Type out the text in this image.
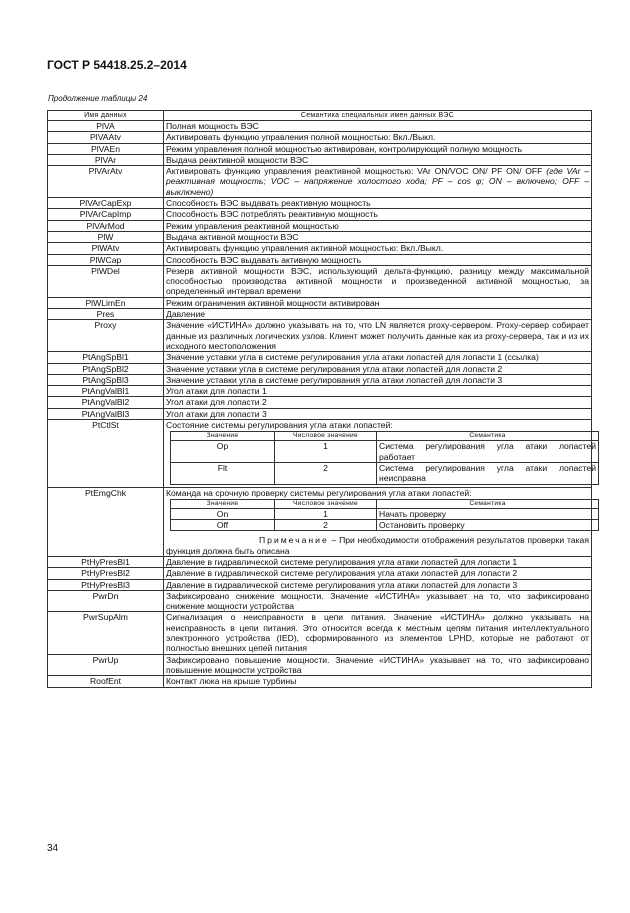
ГОСТ Р 54418.25.2–2014
Продолжение таблицы 24
Имя данных	Семантика специальных имен данных ВЭС
PlVA	Полная мощность ВЭС
PlVAAtv	Активировать функцию управления полной мощностью: Вкл./Выкл.
PlVAEn	Режим управления полной мощностью активирован, контролирующий полную мощность
PlVAr	Выдача реактивной мощности ВЭС
PlVArAtv	Активировать функцию управления реактивной мощностью: VAr ON/VOC ON/ PF ON/ OFF (где VAr – реактивная мощность; VOC – напряжение холостого хода; PF – cos φ; ON – включено; OFF – выключено)
PlVArCapExp	Способность ВЭС выдавать реактивную мощность
PlVArCapImp	Способность ВЭС потреблять реактивную мощность
PlVArMod	Режим управления реактивной мощностью
PlW	Выдача активной мощности ВЭС
PlWAtv	Активировать функцию управления активной мощностью: Вкл./Выкл.
PlWCap	Способность ВЭС выдавать активную мощность
PlWDel	Резерв активной мощности ВЭС, использующий дельта-функцию, разницу между максимальной способностью производства активной мощности и произведенной активной мощностью, за определенный интервал времени
PlWLimEn	Режим ограничения активной мощности активирован
Pres	Давление
Proxy	Значение «ИСТИНА» должно указывать на то, что LN является proxy-сервером. Proxy-сервер собирает данные из различных логических узлов. Клиент может получить данные как из proxy-сервера, так и из их исходного местоположения
PtAngSpBl1	Значение уставки угла в системе регулирования угла атаки лопастей для лопасти 1 (ссылка)
PtAngSpBl2	Значение уставки угла в системе регулирования угла атаки лопастей для лопасти 2
PtAngSpBl3	Значение уставки угла в системе регулирования угла атаки лопастей для лопасти 3
PtAngValBl1	Угол атаки для лопасти 1
PtAngValBl2	Угол атаки для лопасти 2
PtAngValBl3	Угол атаки для лопасти 3
PtCtlSt	Состояние системы регулирования угла атаки лопастей:
Значение	Числовое значение	Семантика
Op	1	Система регулирования угла атаки лопастей работает
Flt	2	Система регулирования угла атаки лопастей неисправна

PtEmgChk	Команда на срочную проверку системы регулирования угла атаки лопастей:
Значение	Числовое значение	Семантика
On	1	Начать проверку
Off	2	Остановить проверку
Примечание – При необходимости отображения результатов проверки такая функция должна быть описана

PtHyPresBl1	Давление в гидравлической системе регулирования угла атаки лопастей для лопасти 1
PtHyPresBl2	Давление в гидравлической системе регулирования угла атаки лопастей для лопасти 2
PtHyPresBl3	Давление в гидравлической системе регулирования угла атаки лопастей для лопасти 3
PwrDn	Зафиксировано снижение мощности. Значение «ИСТИНА» указывает на то, что зафиксировано снижение мощности устройства
PwrSupAlm	Сигнализация о неисправности в цепи питания. Значение «ИСТИНА» должно указывать на неисправность в цепи питания. Это относится всегда к местным цепям питания интеллектуального электронного устройства (IED), сформированного из элементов LPHD, которые не работают от полностью внешних цепей питания
PwrUp	Зафиксировано повышение мощности. Значение «ИСТИНА» указывает на то, что зафиксировано повышение мощности устройства
RoofEnt	Контакт люка на крыше турбины
34
